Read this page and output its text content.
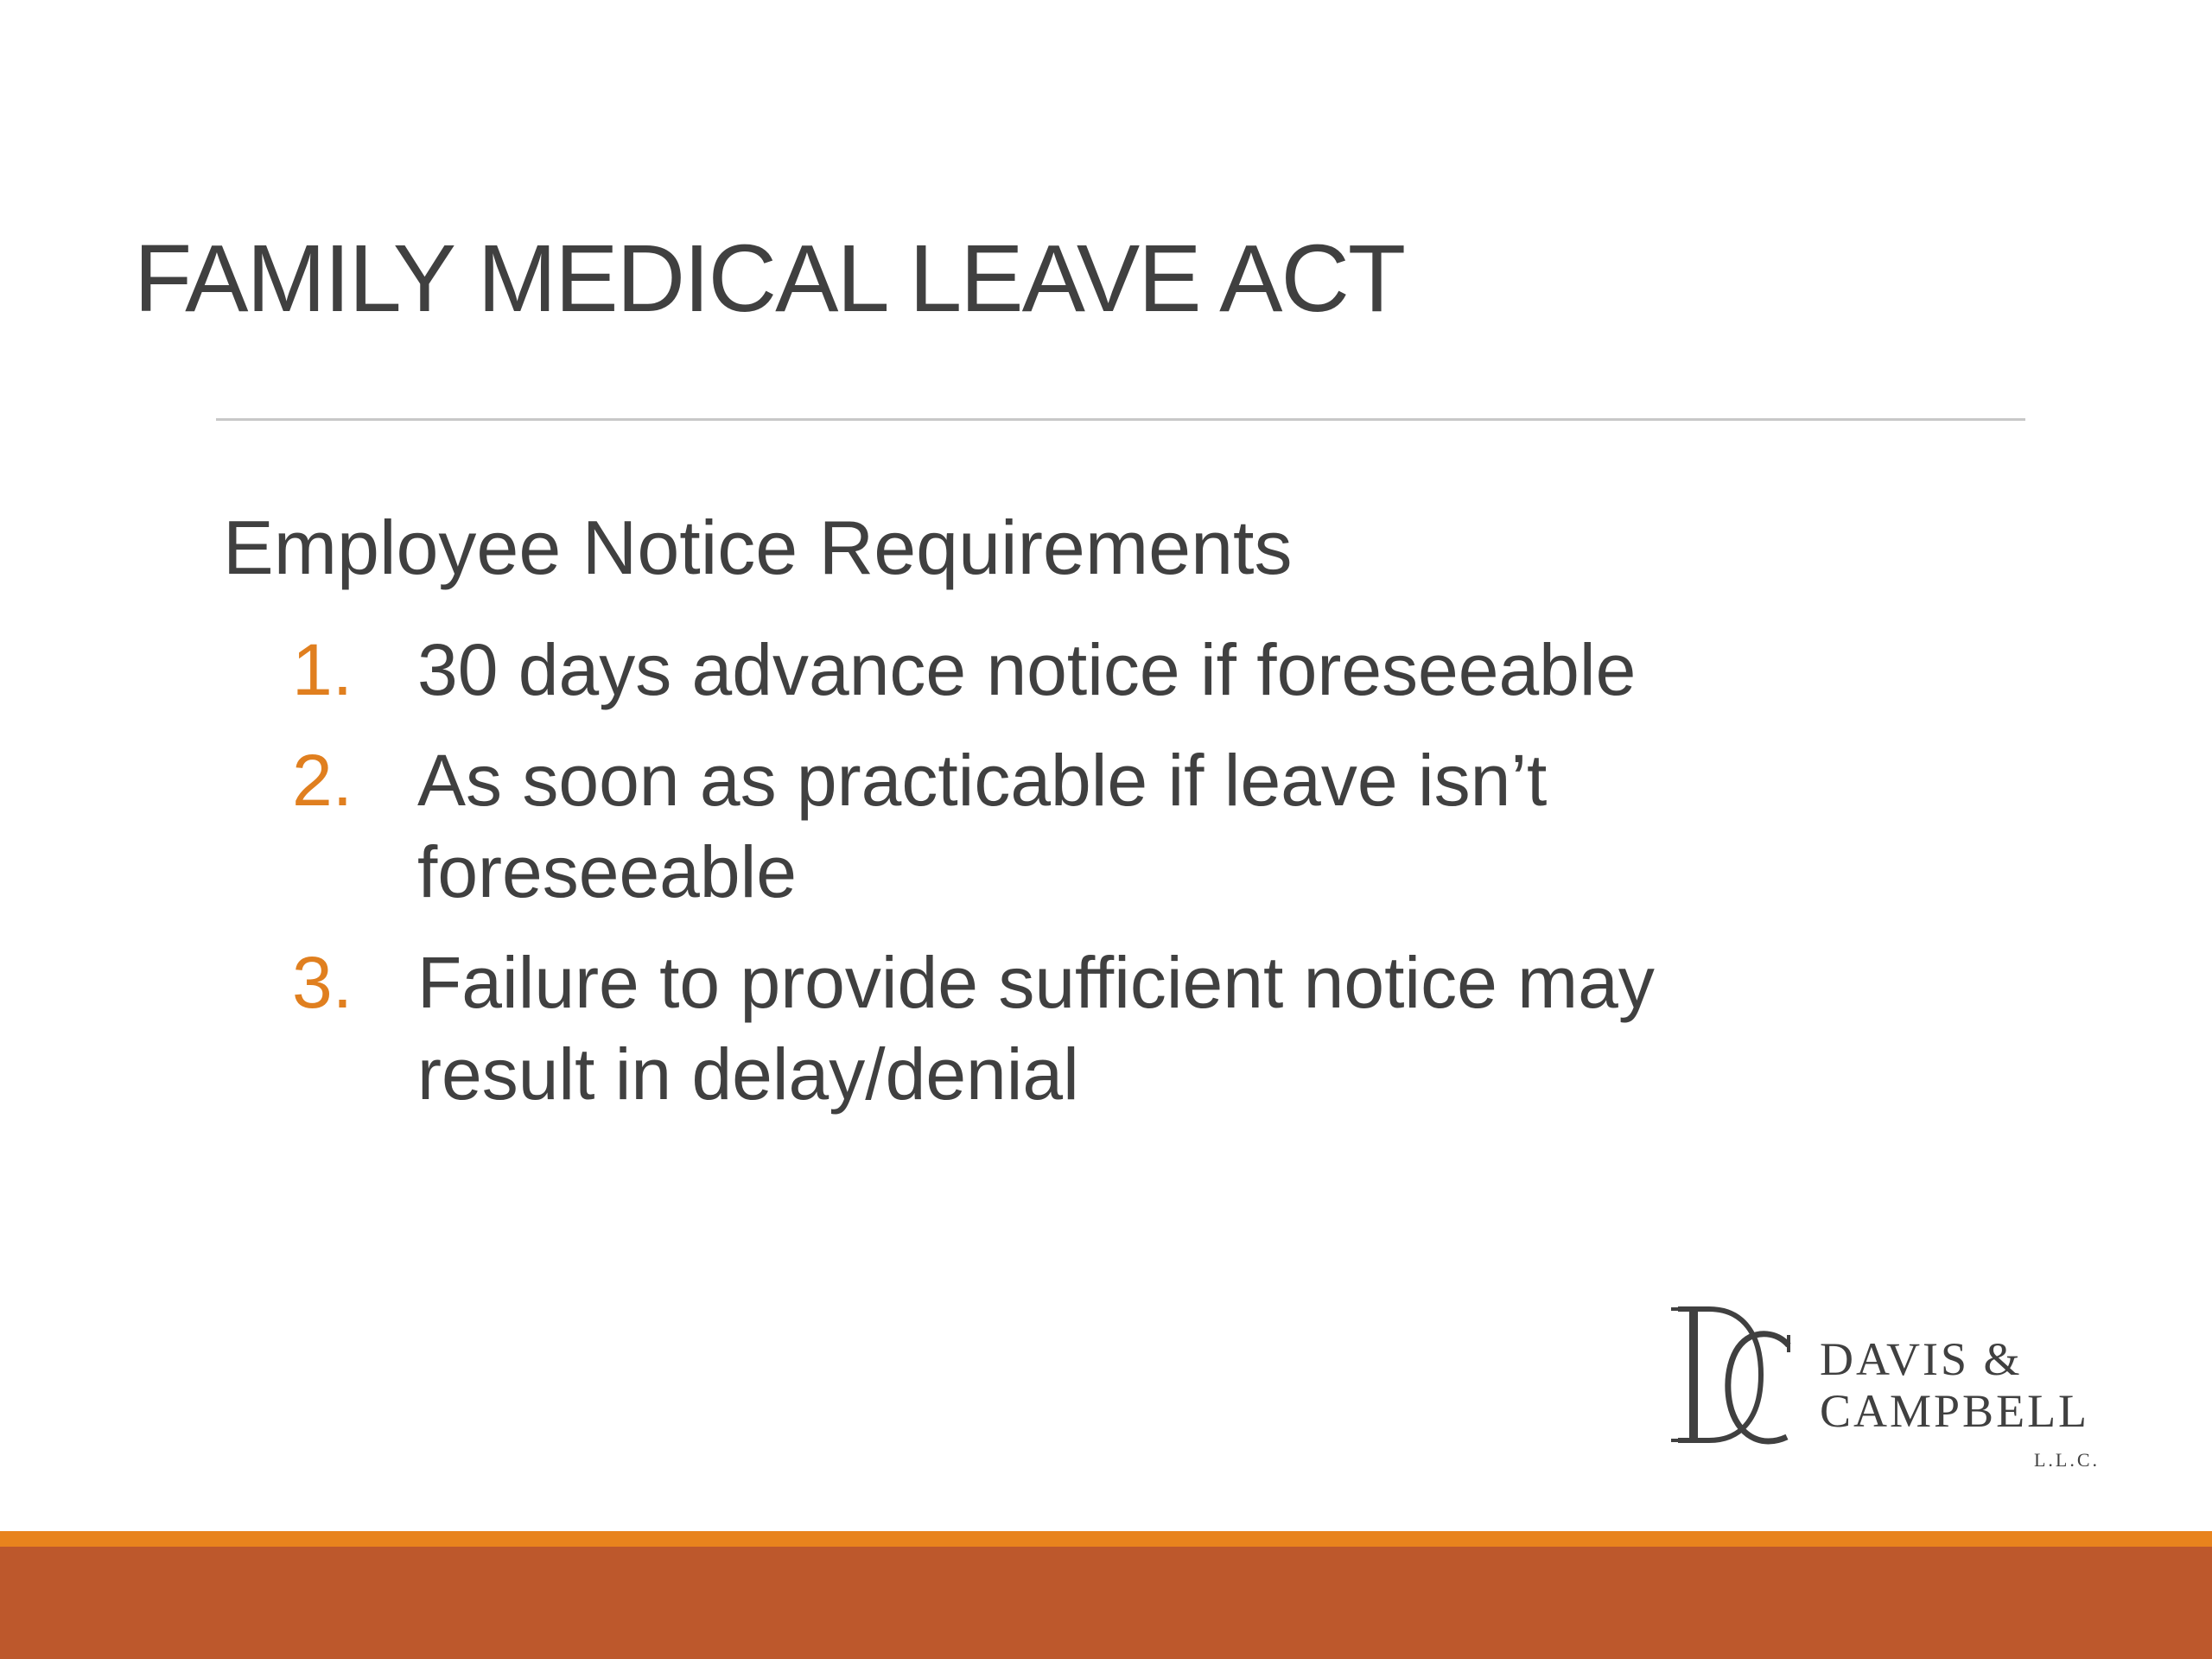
FAMILY MEDICAL LEAVE ACT
Employee Notice Requirements
1. 30 days advance notice if foreseeable
2. As soon as practicable if leave isn’t foreseeable
3. Failure to provide sufficient notice may result in delay/denial
DAVIS &
CAMPBELL
L.L.C.
